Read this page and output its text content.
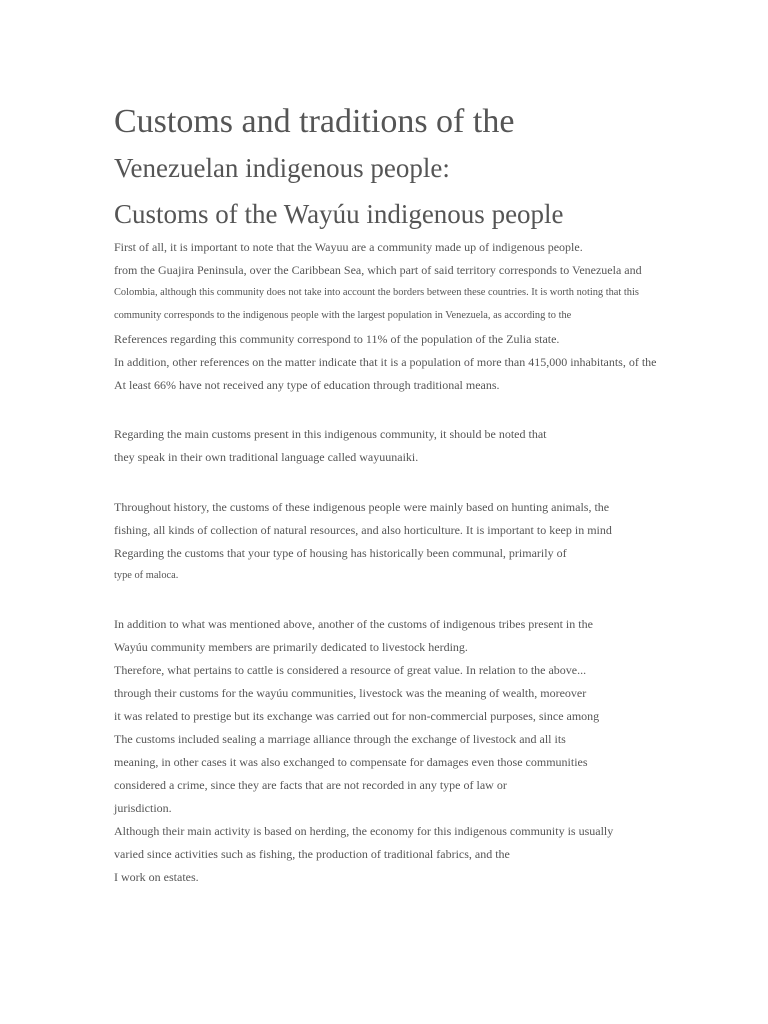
Customs and traditions of the
Venezuelan indigenous people:
Customs of the Wayúu indigenous people
First of all, it is important to note that the Wayuu are a community made up of indigenous people.
from the Guajira Peninsula, over the Caribbean Sea, which part of said territory corresponds to Venezuela and
Colombia, although this community does not take into account the borders between these countries. It is worth noting that this
community corresponds to the indigenous people with the largest population in Venezuela, as according to the
References regarding this community correspond to 11% of the population of the Zulia state.
In addition, other references on the matter indicate that it is a population of more than 415,000 inhabitants, of the
At least 66% have not received any type of education through traditional means.
Regarding the main customs present in this indigenous community, it should be noted that
they speak in their own traditional language called wayuunaiki.
Throughout history, the customs of these indigenous people were mainly based on hunting animals, the
fishing, all kinds of collection of natural resources, and also horticulture. It is important to keep in mind
Regarding the customs that your type of housing has historically been communal, primarily of
type of maloca.
In addition to what was mentioned above, another of the customs of indigenous tribes present in the
Wayúu community members are primarily dedicated to livestock herding.
Therefore, what pertains to cattle is considered a resource of great value. In relation to the above...
through their customs for the wayúu communities, livestock was the meaning of wealth, moreover
it was related to prestige but its exchange was carried out for non-commercial purposes, since among
The customs included sealing a marriage alliance through the exchange of livestock and all its
meaning, in other cases it was also exchanged to compensate for damages even those communities
considered a crime, since they are facts that are not recorded in any type of law or
jurisdiction.
Although their main activity is based on herding, the economy for this indigenous community is usually
varied since activities such as fishing, the production of traditional fabrics, and the
I work on estates.
